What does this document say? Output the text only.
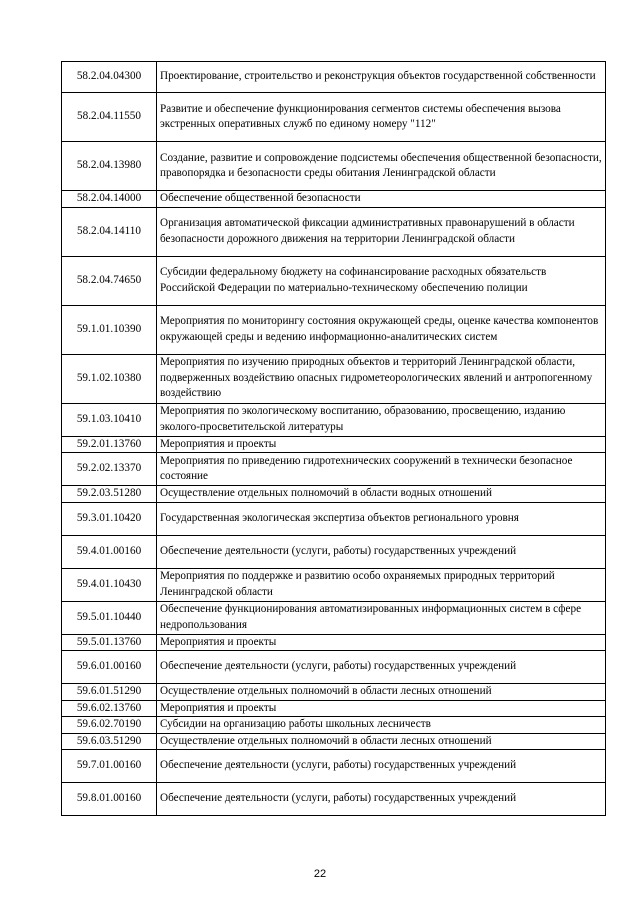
58.2.04.04300	Проектирование, строительство и реконструкция объектов государственной собственности
58.2.04.11550	Развитие и обеспечение функционирования сегментов системы обеспечения вызова экстренных оперативных служб по единому номеру "112"
58.2.04.13980	Создание, развитие и сопровождение подсистемы обеспечения общественной безопасности, правопорядка и безопасности среды обитания Ленинградской области
58.2.04.14000	Обеспечение общественной безопасности
58.2.04.14110	Организация автоматической фиксации административных правонарушений в области безопасности дорожного движения на территории Ленинградской области
58.2.04.74650	Субсидии федеральному бюджету на софинансирование расходных обязательств Российской Федерации по материально-техническому обеспечению полиции
59.1.01.10390	Мероприятия по мониторингу состояния окружающей среды, оценке качества компонентов окружающей среды и ведению информационно-аналитических систем
59.1.02.10380	Мероприятия по изучению природных объектов и территорий Ленинградской области, подверженных воздействию опасных гидрометеорологических явлений и антропогенному воздействию
59.1.03.10410	Мероприятия по экологическому воспитанию, образованию, просвещению, изданию эколого-просветительской литературы
59.2.01.13760	Мероприятия и проекты
59.2.02.13370	Мероприятия по приведению гидротехнических сооружений в технически безопасное состояние
59.2.03.51280	Осуществление отдельных полномочий в области водных отношений
59.3.01.10420	Государственная экологическая экспертиза объектов регионального уровня
59.4.01.00160	Обеспечение деятельности (услуги, работы) государственных учреждений
59.4.01.10430	Мероприятия по поддержке и развитию особо охраняемых природных территорий Ленинградской области
59.5.01.10440	Обеспечение функционирования автоматизированных информационных систем в сфере недропользования
59.5.01.13760	Мероприятия и проекты
59.6.01.00160	Обеспечение деятельности (услуги, работы) государственных учреждений
59.6.01.51290	Осуществление отдельных полномочий в области лесных отношений
59.6.02.13760	Мероприятия и проекты
59.6.02.70190	Субсидии на организацию работы школьных лесничеств
59.6.03.51290	Осуществление отдельных полномочий в области лесных отношений
59.7.01.00160	Обеспечение деятельности (услуги, работы) государственных учреждений
59.8.01.00160	Обеспечение деятельности (услуги, работы) государственных учреждений
22
